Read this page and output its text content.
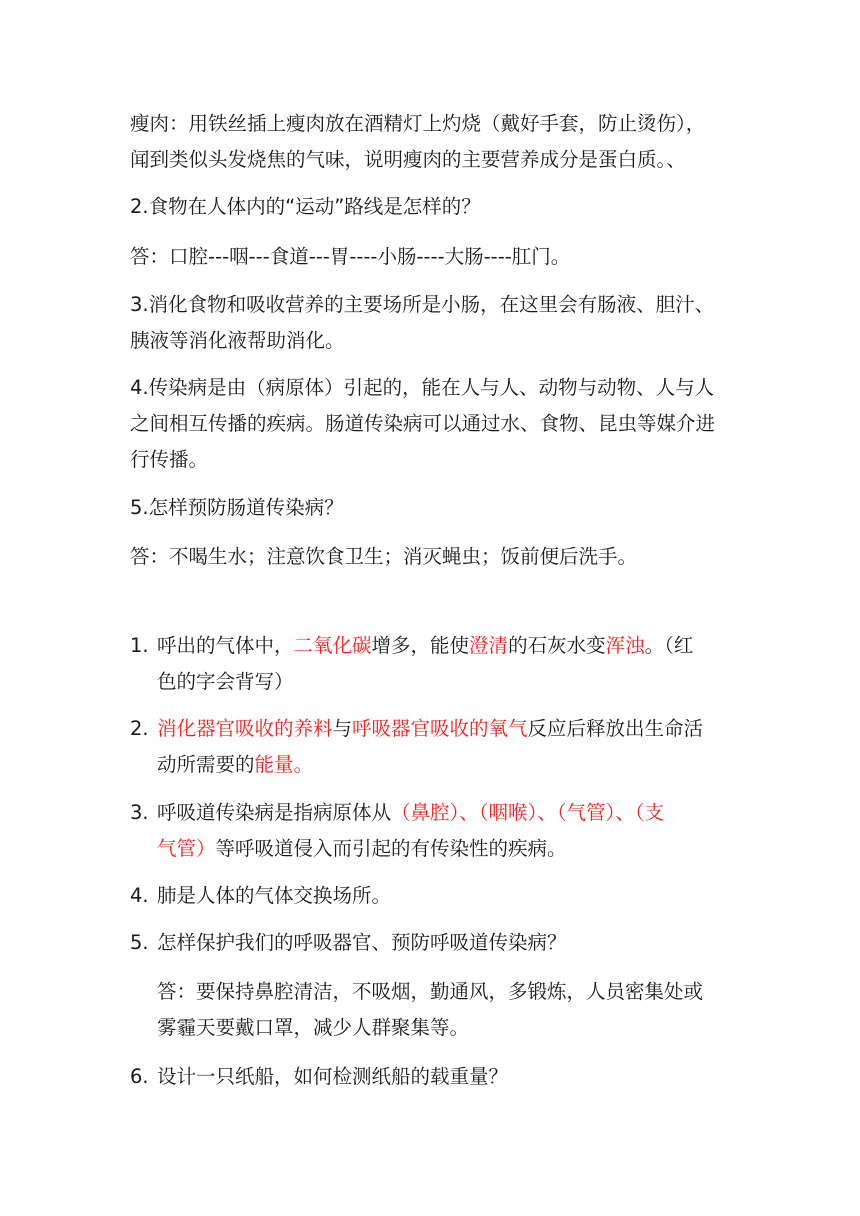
瘦肉：用铁丝插上瘦肉放在酒精灯上灼烧（戴好手套，防止烫伤），

闻到类似头发烧焦的气味，说明瘦肉的主要营养成分是蛋白质。、

2.食物在人体内的“运动”路线是怎样的？

答：口腔---咽---食道---胃----小肠----大肠----肛门。

3.消化食物和吸收营养的主要场所是小肠，在这里会有肠液、胆汁、

胰液等消化液帮助消化。

4.传染病是由（病原体）引起的，能在人与人、动物与动物、人与人

之间相互传播的疾病。肠道传染病可以通过水、食物、昆虫等媒介进

行传播。

5.怎样预防肠道传染病？

答：不喝生水；注意饮食卫生；消灭蝇虫；饭前便后洗手。

1. 呼出的气体中，二氧化碳增多，能使澄清的石灰水变浑浊。（红
色的字会背写）
2. 消化器官吸收的养料与呼吸器官吸收的氧气反应后释放出生命活
动所需要的能量。
3. 呼吸道传染病是指病原体从（鼻腔）、（咽喉）、（气管）、（支
气管）等呼吸道侵入而引起的有传染性的疾病。
4. 肺是人体的气体交换场所。
5. 怎样保护我们的呼吸器官、预防呼吸道传染病？
答：要保持鼻腔清洁，不吸烟，勤通风，多锻炼，人员密集处或
雾霾天要戴口罩，减少人群聚集等。
6. 设计一只纸船，如何检测纸船的载重量？
